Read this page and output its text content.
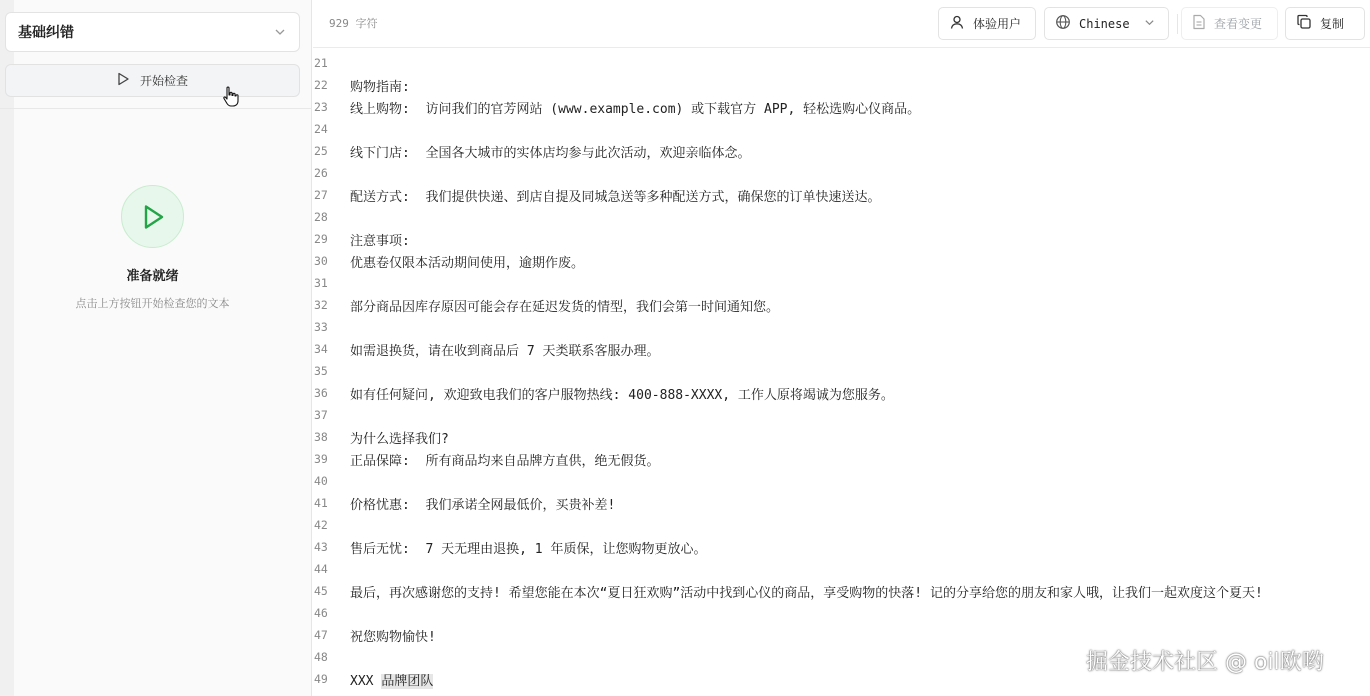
基础纠错
开始检查
准备就绪
点击上方按钮开始检查您的文本
929 字符	体验用户	Chinese	查看变更	复制
21
22	购物指南:
23	线上购物:  访问我们的官芳网站 (www.example.com) 或下载官方 APP, 轻松选购心仪商品。
24
25	线下门店:  全国各大城市的实体店均参与此次活动，欢迎亲临体念。
26
27	配送方式:  我们提供快递、到店自提及同城急送等多种配送方式，确保您的订单快速送达。
28
29	注意事项:
30	优惠卷仅限本活动期间使用，逾期作废。
31
32	部分商品因库存原因可能会存在延迟发货的情型，我们会第一时间通知您。
33
34	如需退换货，请在收到商品后 7 天类联系客服办理。
35
36	如有任何疑问, 欢迎致电我们的客户服物热线: 400-888-XXXX, 工作人原将竭诚为您服务。
37
38	为什么选择我们?
39	正品保障:  所有商品均来自品牌方直供，绝无假货。
40
41	价格忧惠:  我们承诺全网最低价，买贵补差!
42
43	售后无忧:  7 天无理由退换, 1 年质保，让您购物更放心。
44
45	最后，再次感谢您的支持! 希望您能在本次“夏日狂欢购”活动中找到心仪的商品，享受购物的快落! 记的分享给您的朋友和家人哦，让我们一起欢度这个夏天!
46
47	祝您购物愉快!
48
49	XXX 品牌团队
掘金技术社区 @ oil欧哟
